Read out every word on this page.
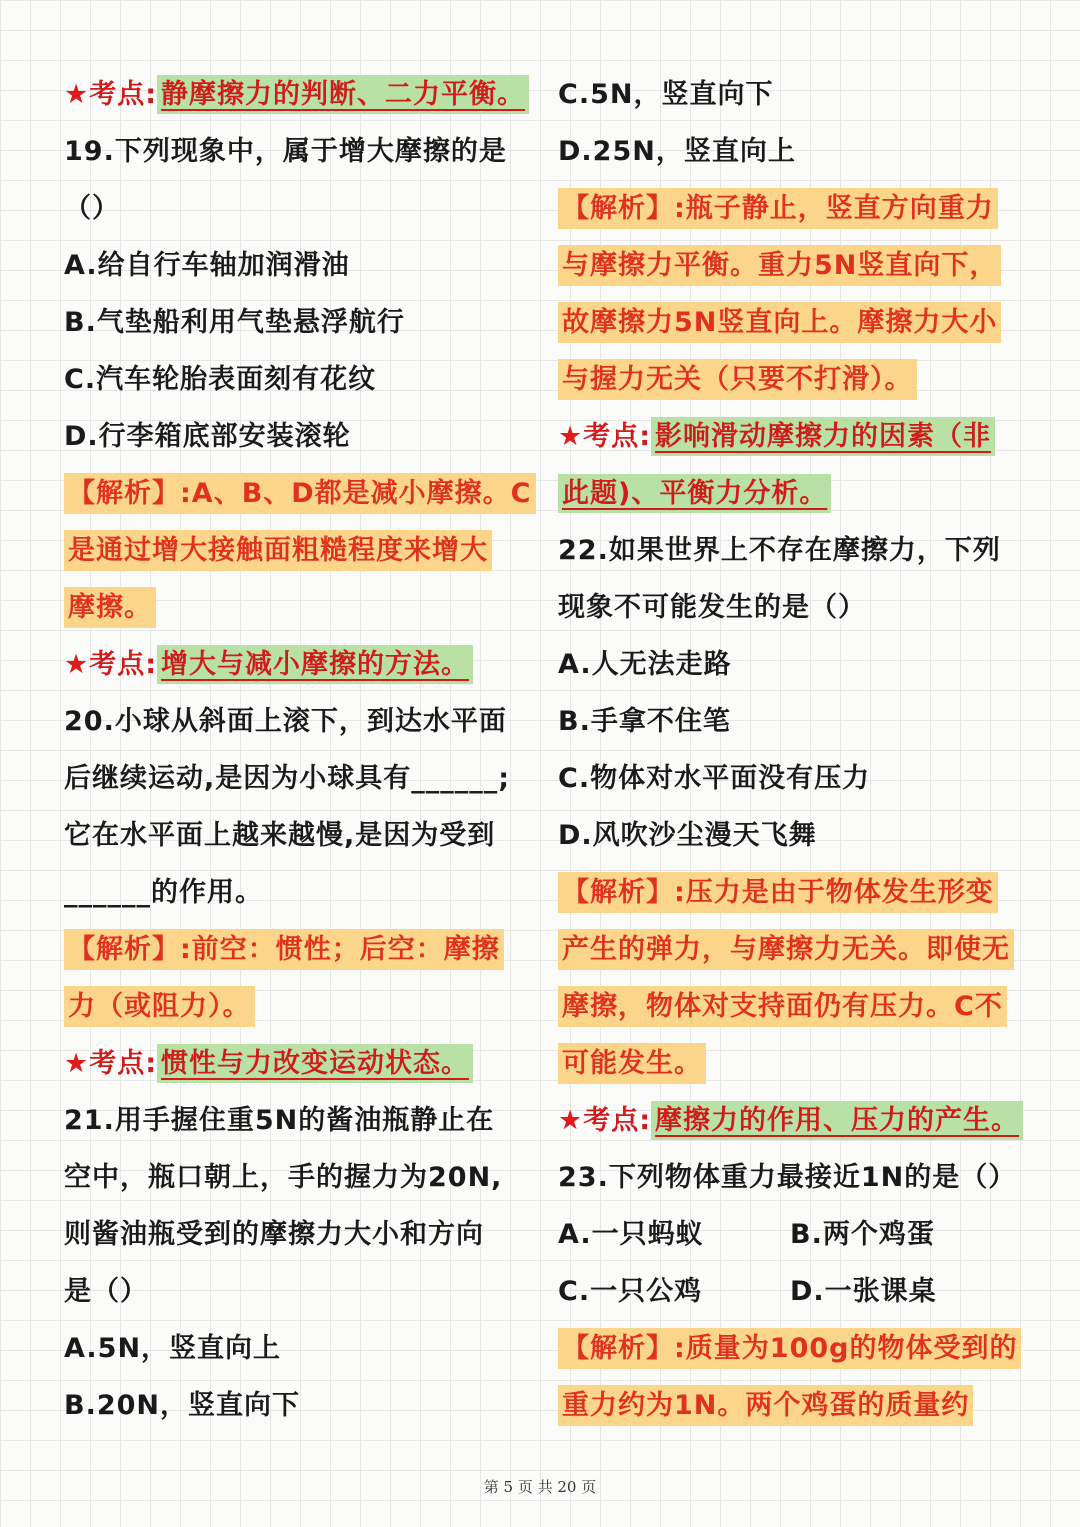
★考点: 静摩擦力的判断、二力平衡。
19.下列现象中，属于增大摩擦的是
（）
A.给自行车轴加润滑油
B.气垫船利用气垫悬浮航行
C.汽车轮胎表面刻有花纹
D.行李箱底部安装滚轮
【解析】:A、B、D都是减小摩擦。C
是通过增大接触面粗糙程度来增大
摩擦。
★考点: 增大与减小摩擦的方法。
20.小球从斜面上滚下，到达水平面
后继续运动,是因为小球具有______;
它在水平面上越来越慢,是因为受到
______的作用。
【解析】:前空：惯性；后空：摩擦
力（或阻力）。
★考点: 惯性与力改变运动状态。
21.用手握住重5N的酱油瓶静止在
空中，瓶口朝上，手的握力为20N,
则酱油瓶受到的摩擦力大小和方向
是（）
A.5N，竖直向上
B.20N，竖直向下
C.5N，竖直向下
D.25N，竖直向上
【解析】:瓶子静止，竖直方向重力
与摩擦力平衡。重力5N竖直向下，
故摩擦力5N竖直向上。摩擦力大小
与握力无关（只要不打滑）。
★考点: 影响滑动摩擦力的因素（非
此题)、平衡力分析。
22.如果世界上不存在摩擦力，下列
现象不可能发生的是（）
A.人无法走路
B.手拿不住笔
C.物体对水平面没有压力
D.风吹沙尘漫天飞舞
【解析】:压力是由于物体发生形变
产生的弹力，与摩擦力无关。即使无
摩擦，物体对支持面仍有压力。C不
可能发生。
★考点: 摩擦力的作用、压力的产生。
23.下列物体重力最接近1N的是（）
A.一只蚂蚁	B.两个鸡蛋
C.一只公鸡	D.一张课桌
【解析】:质量为100g的物体受到的
重力约为1N。两个鸡蛋的质量约
第 5 页 共 20 页
